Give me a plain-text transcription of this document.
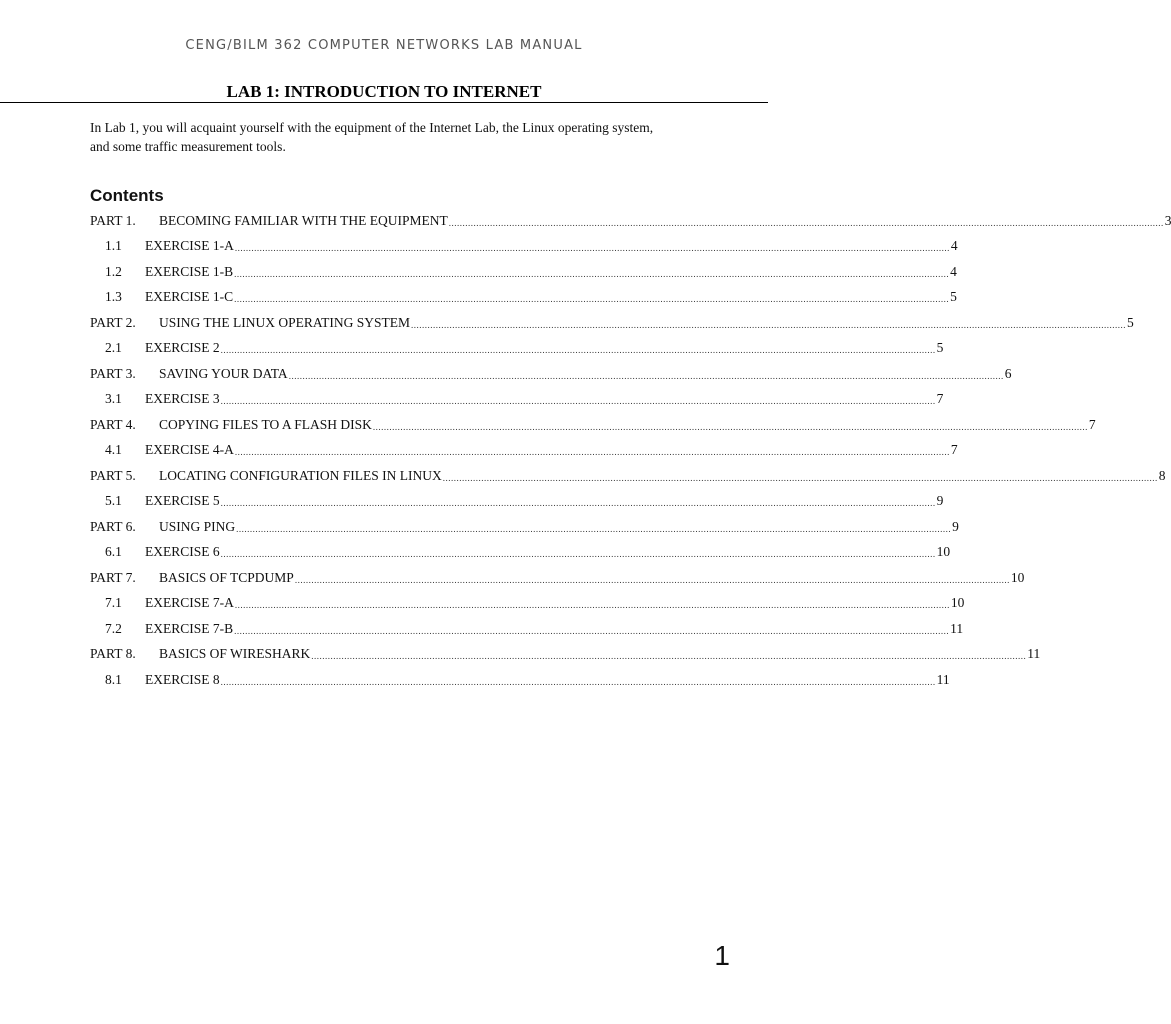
CENG/BILM 362 COMPUTER NETWORKS LAB MANUAL
LAB 1: INTRODUCTION TO INTERNET
In Lab 1, you will acquaint yourself with the equipment of the Internet Lab, the Linux operating system,
and some traffic measurement tools.
Contents
PART 1.	BECOMING FAMILIAR WITH THE EQUIPMENT .................................................................................................................................................................................................................................................................... 3
1.1	EXERCISE 1-A .................................................................................................................................................................................................................................................................... 4
1.2	EXERCISE 1-B .................................................................................................................................................................................................................................................................... 4
1.3	EXERCISE 1-C .................................................................................................................................................................................................................................................................... 5
PART 2.	USING THE LINUX OPERATING SYSTEM .................................................................................................................................................................................................................................................................... 5
2.1	EXERCISE 2 .................................................................................................................................................................................................................................................................... 5
PART 3.	SAVING YOUR DATA .................................................................................................................................................................................................................................................................... 6
3.1	EXERCISE 3 .................................................................................................................................................................................................................................................................... 7
PART 4.	COPYING FILES TO A FLASH DISK .................................................................................................................................................................................................................................................................... 7
4.1	EXERCISE 4-A .................................................................................................................................................................................................................................................................... 7
PART 5.	LOCATING CONFIGURATION FILES IN LINUX .................................................................................................................................................................................................................................................................... 8
5.1	EXERCISE 5 .................................................................................................................................................................................................................................................................... 9
PART 6.	USING PING .................................................................................................................................................................................................................................................................... 9
6.1	EXERCISE 6 .................................................................................................................................................................................................................................................................... 10
PART 7.	BASICS OF TCPDUMP .................................................................................................................................................................................................................................................................... 10
7.1	EXERCISE 7-A .................................................................................................................................................................................................................................................................... 10
7.2	EXERCISE 7-B .................................................................................................................................................................................................................................................................... 11
PART 8.	BASICS OF WIRESHARK .................................................................................................................................................................................................................................................................... 11
8.1	EXERCISE 8 .................................................................................................................................................................................................................................................................... 11
1
